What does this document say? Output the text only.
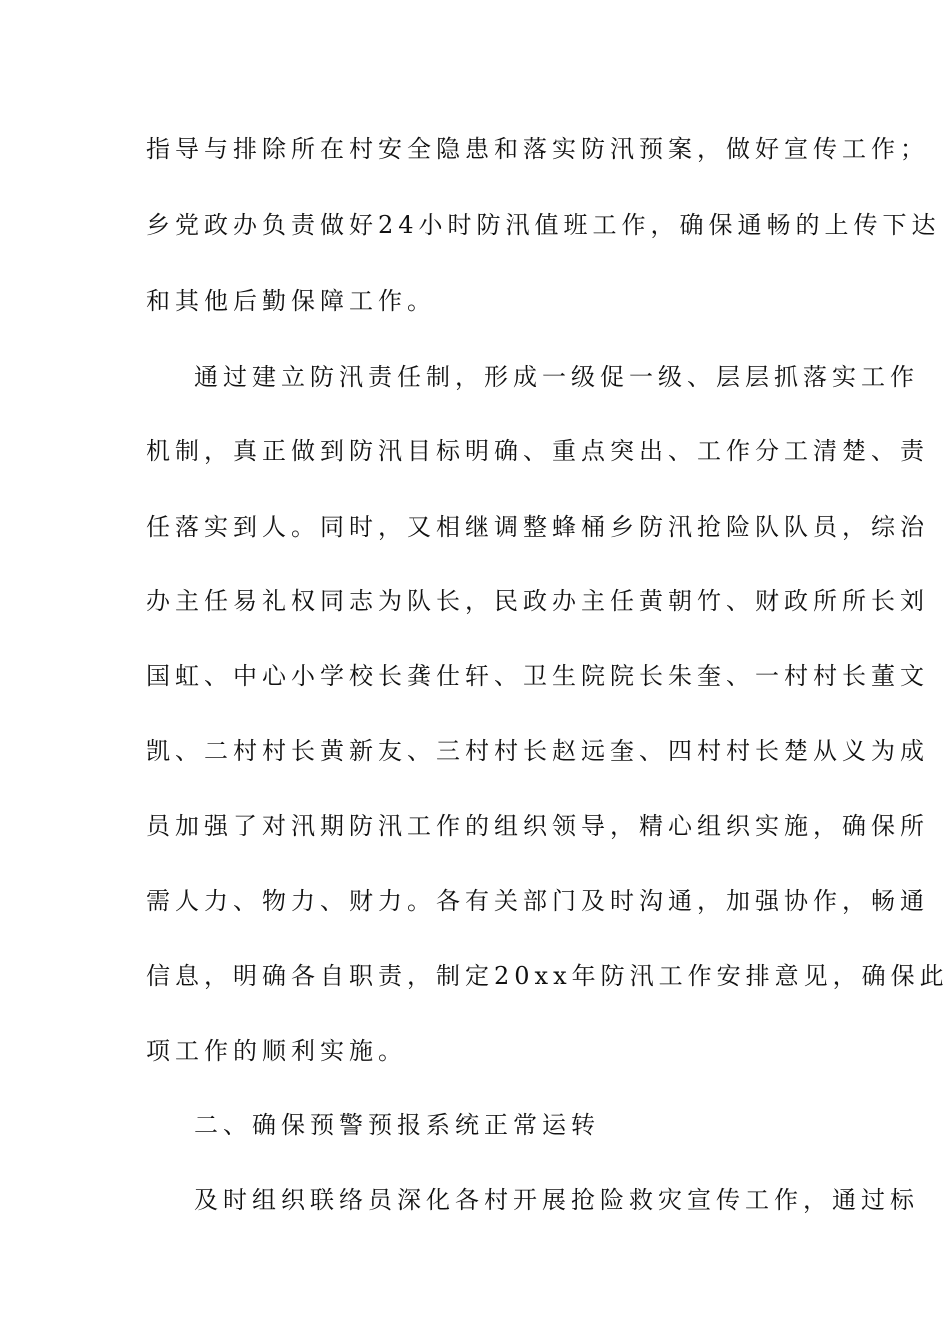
指导与排除所在村安全隐患和落实防汛预案，做好宣传工作；
乡党政办负责做好24小时防汛值班工作，确保通畅的上传下达
和其他后勤保障工作。
通过建立防汛责任制，形成一级促一级、层层抓落实工作
机制，真正做到防汛目标明确、重点突出、工作分工清楚、责
任落实到人。同时，又相继调整蜂桶乡防汛抢险队队员，综治
办主任易礼权同志为队长，民政办主任黄朝竹、财政所所长刘
国虹、中心小学校长龚仕轩、卫生院院长朱奎、一村村长董文
凯、二村村长黄新友、三村村长赵远奎、四村村长楚从义为成
员加强了对汛期防汛工作的组织领导，精心组织实施，确保所
需人力、物力、财力。各有关部门及时沟通，加强协作，畅通
信息，明确各自职责，制定20xx年防汛工作安排意见，确保此
项工作的顺利实施。
二、确保预警预报系统正常运转
及时组织联络员深化各村开展抢险救灾宣传工作，通过标
